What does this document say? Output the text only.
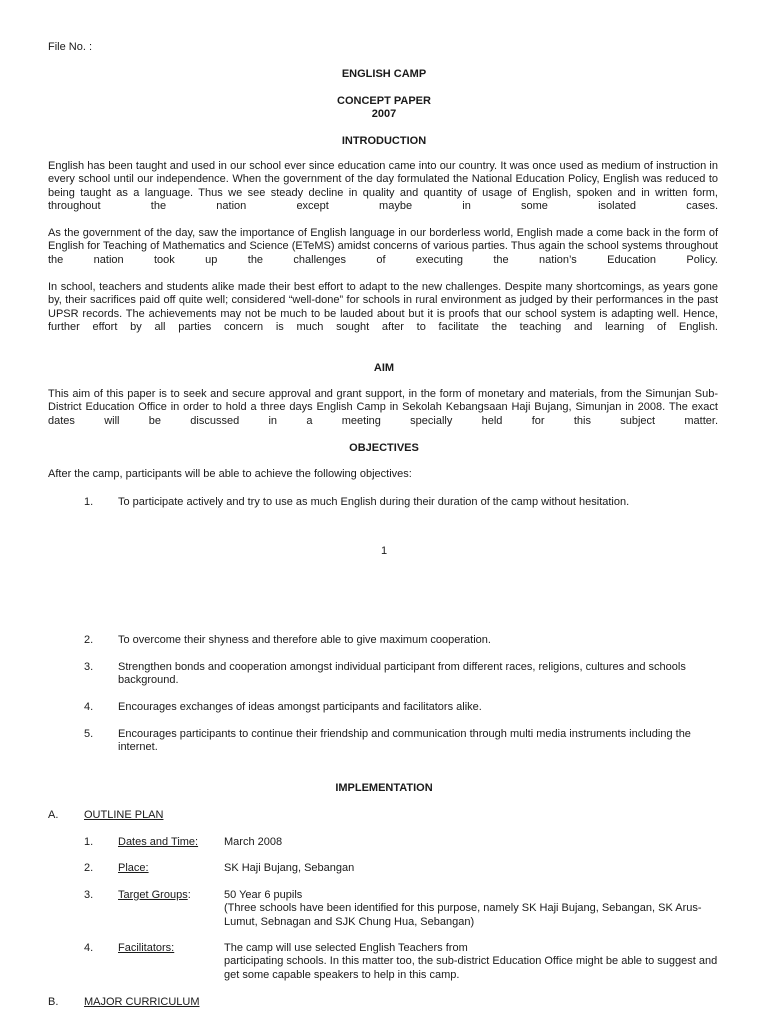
File No. :
ENGLISH CAMP
CONCEPT PAPER
2007
INTRODUCTION
English has been taught and used in our school ever since education came into our country. It was once used as medium of instruction in every school until our independence. When the government of the day formulated the National Education Policy, English was reduced to being taught as a language. Thus we see steady decline in quality and quantity of usage of English, spoken and in written form, throughout the nation except maybe in some isolated cases.
As the government of the day, saw the importance of English language in our borderless world, English made a come back in the form of English for Teaching of Mathematics and Science (ETeMS) amidst concerns of various parties. Thus again the school systems throughout the nation took up the challenges of executing the nation’s Education Policy.
In school, teachers and students alike made their best effort to adapt to the new challenges. Despite many shortcomings, as years gone by, their sacrifices paid off quite well; considered “well-done” for schools in rural environment as judged by their performances in the past UPSR records. The achievements may not be much to be lauded about but it is proofs that our school system is adapting well. Hence, further effort by all parties concern is much sought after to facilitate the teaching and learning of English.
AIM
This aim of this paper is to seek and secure approval and grant support, in the form of monetary and materials, from the Simunjan Sub-District Education Office in order to hold a three days English Camp in Sekolah Kebangsaan Haji Bujang, Simunjan in 2008. The exact dates will be discussed in a meeting specially held for this subject matter.
OBJECTIVES
After the camp, participants will be able to achieve the following objectives:
1. To participate actively and try to use as much English during their duration of the camp without hesitation.
1
2. To overcome their shyness and therefore able to give maximum cooperation.
3. Strengthen bonds and cooperation amongst individual participant from different races, religions, cultures and schools background.
4. Encourages exchanges of ideas amongst participants and facilitators alike.
5. Encourages participants to continue their friendship and communication through multi media instruments including the internet.
IMPLEMENTATION
A. OUTLINE PLAN
1. Dates and Time: March 2008
2. Place:	SK Haji Bujang, Sebangan
3. Target Groups:	50 Year 6 pupils
(Three schools have been identified for this purpose, namely SK Haji Bujang, Sebangan, SK Arus-Lumut, Sebnagan and SJK Chung Hua, Sebangan)
4. Facilitators:	The camp will use selected English Teachers from
participating schools. In this matter too, the sub-district Education Office might be able to suggest and get some capable speakers to help in this camp.
B. MAJOR CURRICULUM
